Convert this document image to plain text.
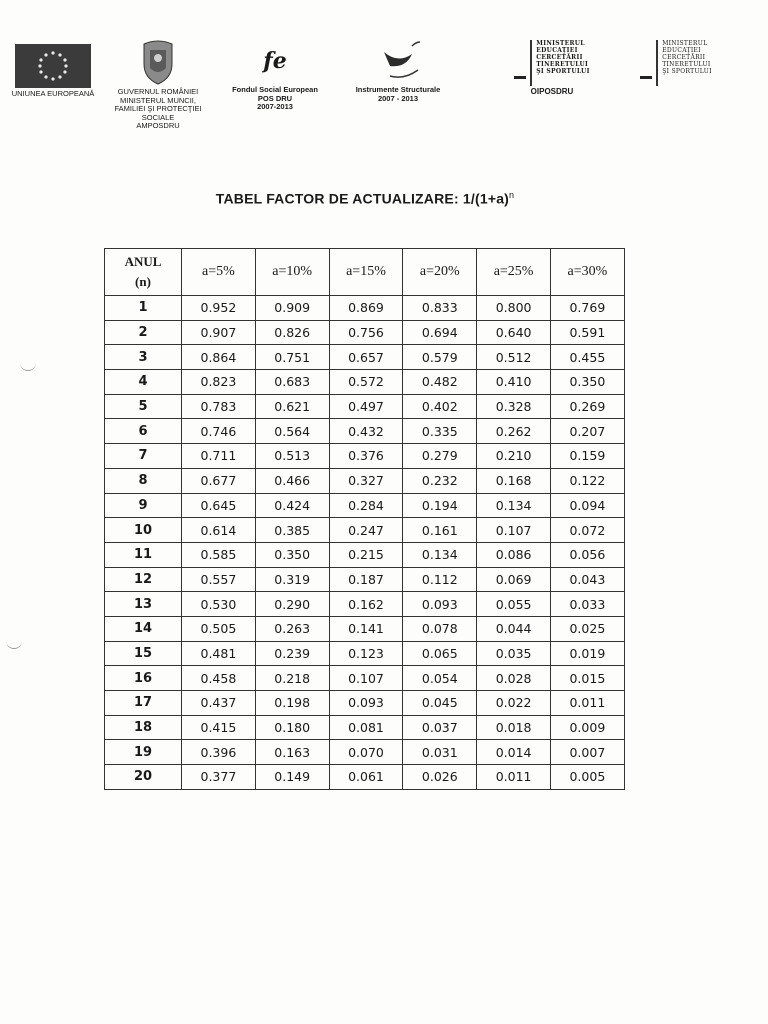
UNIUNEA EUROPEANĂ	GUVERNUL ROMÂNIEI
MINISTERUL MUNCII,
FAMILIEI ŞI PROTECŢIEI
SOCIALE
AMPOSDRU
fe
Fondul Social European
POS DRU
2007-2013
Instrumente Structurale
2007 - 2013
MINISTERUL
EDUCAŢIEI
CERCETĂRII
TINERETULUI
ŞI SPORTULUI
OIPOSDRU
MINISTERUL
EDUCAŢIEI
CERCETĂRII
TINERETULUI
ŞI SPORTULUI
TABEL FACTOR DE ACTUALIZARE: $1/(1+a)^n$
ANUL
(n)	a=5%	a=10%	a=15%	a=20%	a=25%	a=30%
1	0.952	0.909	0.869	0.833	0.800	0.769
2	0.907	0.826	0.756	0.694	0.640	0.591
3	0.864	0.751	0.657	0.579	0.512	0.455
4	0.823	0.683	0.572	0.482	0.410	0.350
5	0.783	0.621	0.497	0.402	0.328	0.269
6	0.746	0.564	0.432	0.335	0.262	0.207
7	0.711	0.513	0.376	0.279	0.210	0.159
8	0.677	0.466	0.327	0.232	0.168	0.122
9	0.645	0.424	0.284	0.194	0.134	0.094
10	0.614	0.385	0.247	0.161	0.107	0.072
11	0.585	0.350	0.215	0.134	0.086	0.056
12	0.557	0.319	0.187	0.112	0.069	0.043
13	0.530	0.290	0.162	0.093	0.055	0.033
14	0.505	0.263	0.141	0.078	0.044	0.025
15	0.481	0.239	0.123	0.065	0.035	0.019
16	0.458	0.218	0.107	0.054	0.028	0.015
17	0.437	0.198	0.093	0.045	0.022	0.011
18	0.415	0.180	0.081	0.037	0.018	0.009
19	0.396	0.163	0.070	0.031	0.014	0.007
20	0.377	0.149	0.061	0.026	0.011	0.005
